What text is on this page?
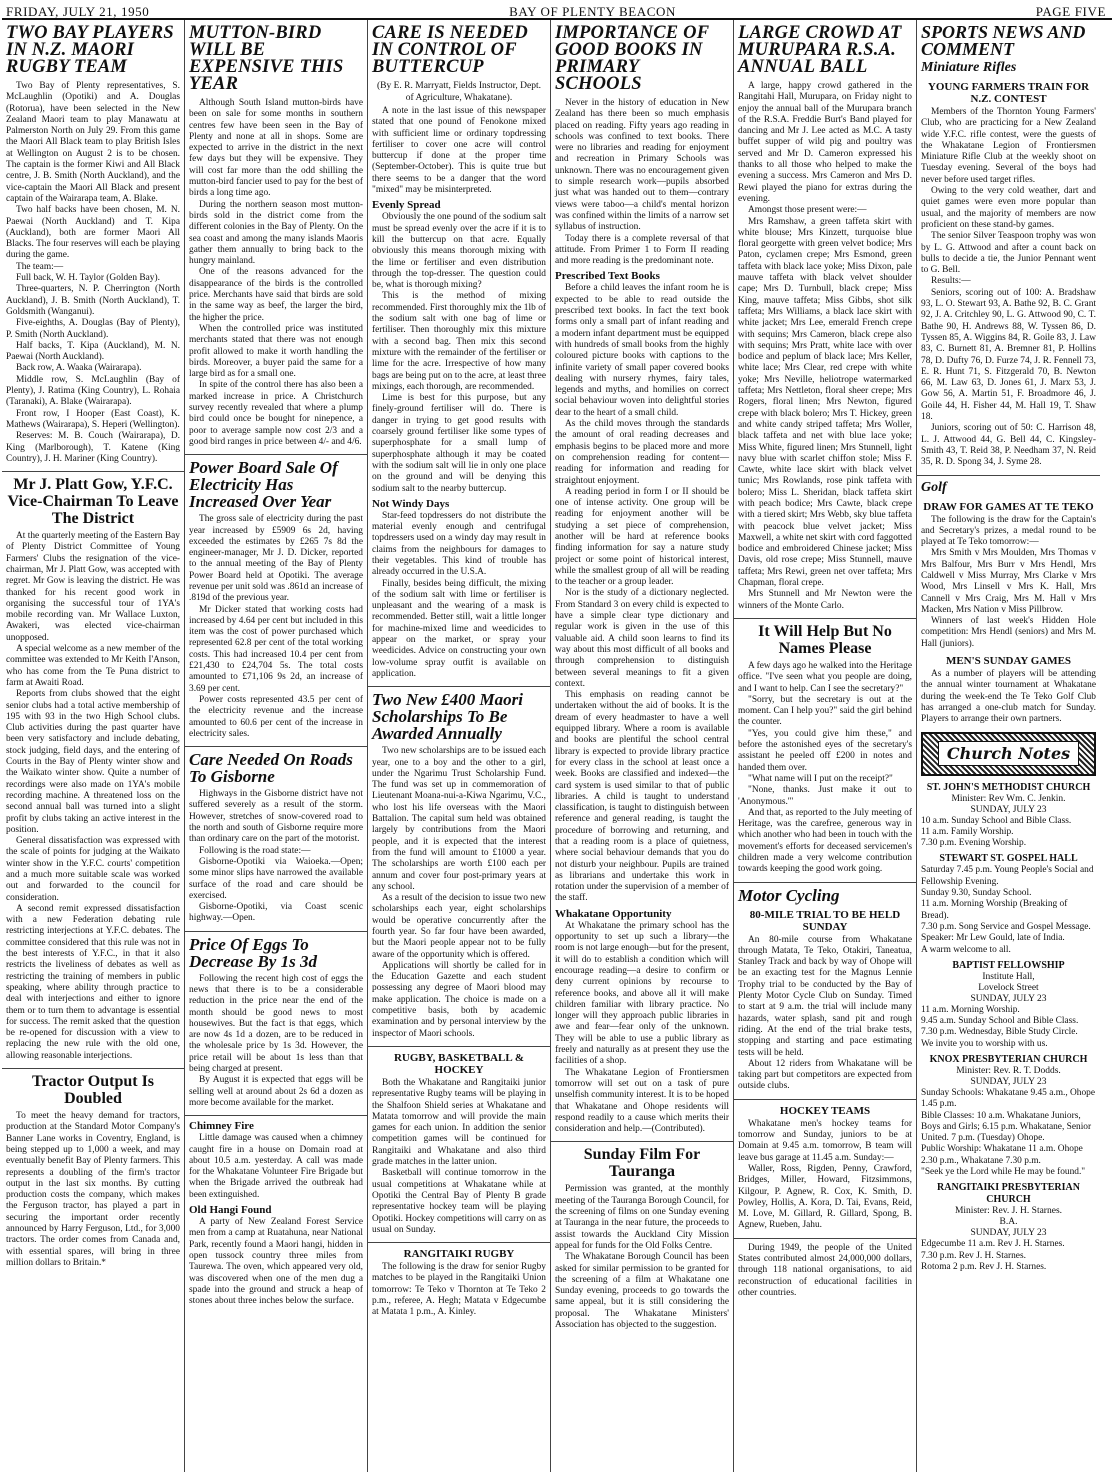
FRIDAY, JULY 21, 1950	BAY OF PLENTY BEACON	PAGE FIVE
TWO BAY PLAYERS IN N.Z. MAORI RUGBY TEAM

Two Bay of Plenty representatives, S. McLaughlin (Opotiki) and A. Douglas (Rotorua), have been selected in the New Zealand Maori team to play Manawatu at Palmerston North on July 29. From this game the Maori All Black team to play British Isles at Wellington on August 2 is to be chosen. The captain is the former Kiwi and All Black centre, J. B. Smith (North Auckland), and the vice-captain the Maori All Black and present captain of the Wairarapa team, A. Blake.

Two half backs have been chosen, M. N. Paewai (North Auckland) and T. Kipa (Auckland), both are former Maori All Blacks. The four reserves will each be playing during the game.

The team:—

Full back, W. H. Taylor (Golden Bay).

Three-quarters, N. P. Cherrington (North Auckland), J. B. Smith (North Auckland), T. Goldsmith (Wanganui).

Five-eighths, A. Douglas (Bay of Plenty), P. Smith (North Auckland).

Half backs, T. Kipa (Auckland), M. N. Paewai (North Auckland).

Back row, A. Waaka (Wairarapa).

Middle row, S. McLaughlin (Bay of Plenty), J. Ratima (King Country), L. Rohaia (Taranaki), A. Blake (Wairarapa).

Front row, I Hooper (East Coast), K. Mathews (Wairarapa), S. Heperi (Wellington).

Reserves: M. B. Couch (Wairarapa), D. King (Marlborough), T. Katene (King Country), J. H. Mariner (King Country).

Mr J. Platt Gow, Y.F.C. Vice-Chairman To Leave The District

At the quarterly meeting of the Eastern Bay of Plenty District Committee of Young Farmers' Clubs the resignation of the vice-chairman, Mr J. Platt Gow, was accepted with regret. Mr Gow is leaving the district. He was thanked for his recent good work in organising the successful tour of 1YA's mobile recording van. Mr Wallace Luxton, Awakeri, was elected vice-chairman unopposed.

A special welcome as a new member of the committee was extended to Mr Keith I'Anson, who has come from the Te Puna district to farm at Awaiti Road.

Reports from clubs showed that the eight senior clubs had a total active membership of 195 with 93 in the two High School clubs. Club activities during the past quarter have been very satisfactory and include debating, stock judging, field days, and the entering of Courts in the Bay of Plenty winter show and the Waikato winter show. Quite a number of recordings were also made on 1YA's mobile recording machine. A threatened loss on the second annual ball was turned into a slight profit by clubs taking an active interest in the position.

General dissatisfaction was expressed with the scale of points for judging at the Waikato winter show in the Y.F.C. courts' competition and a much more suitable scale was worked out and forwarded to the council for consideration.

A second remit expressed dissatisfaction with a new Federation debating rule restricting interjections at Y.F.C. debates. The committee considered that this rule was not in the best interests of Y.F.C., in that it also restricts the liveliness of debates as well as restricting the training of members in public speaking, where ability through practice to deal with interjections and either to ignore them or to turn them to advantage is essential for success. The remit asked that the question be re-opened for discussion with a view to replacing the new rule with the old one, allowing reasonable interjections.

Tractor Output Is Doubled

To meet the heavy demand for tractors, production at the Standard Motor Company's Banner Lane works in Coventry, England, is being stepped up to 1,000 a week, and may eventually benefit Bay of Plenty farmers. This represents a doubling of the firm's tractor output in the last six months. By cutting production costs the company, which makes the Ferguson tractor, has played a part in securing the important order recently announced by Harry Ferguson, Ltd., for 3,000 tractors. The order comes from Canada and, with essential spares, will bring in three million dollars to Britain.*

MUTTON-BIRD WILL BE EXPENSIVE THIS YEAR

Although South Island mutton-birds have been on sale for some months in southern centres few have been seen in the Bay of Plenty and none at all in shops. Some are expected to arrive in the district in the next few days but they will be expensive. They will cost far more than the odd shilling the mutton-bird fancier used to pay for the best of birds a long time ago.

During the northern season most mutton-birds sold in the district come from the different colonies in the Bay of Plenty. On the sea coast and among the many islands Maoris gather them annually to bring back to the hungry mainland.

One of the reasons advanced for the disappearance of the birds is the controlled price. Merchants have said that birds are sold in the same way as beef, the larger the bird, the higher the price.

When the controlled price was instituted merchants stated that there was not enough profit allowed to make it worth handling the birds. Moreover, a buyer paid the same for a large bird as for a small one.

In spite of the control there has also been a marked increase in price. A Christchurch survey recently revealed that where a plump bird could once be bought for ninepence, a poor to average sample now cost 2/3 and a good bird ranges in price between 4/- and 4/6.

Power Board Sale Of Electricity Has Increased Over Year

The gross sale of electricity during the past year increased by £5909 6s 2d, having exceeded the estimates by £265 7s 8d the engineer-manager, Mr J. D. Dicker, reported to the annual meeting of the Bay of Plenty Power Board held at Opotiki. The average revenue per unit sold was .861d an increase of .819d of the previous year.

Mr Dicker stated that working costs had increased by 4.64 per cent but included in this item was the cost of power purchased which represented 62.8 per cent of the total working costs. This had increased 10.4 per cent from £21,430 to £24,704 5s. The total costs amounted to £71,106 9s 2d, an increase of 3.69 per cent.

Power costs represented 43.5 per cent of the electricity revenue and the increase amounted to 60.6 per cent of the increase in electricity sales.

Care Needed On Roads To Gisborne

Highways in the Gisborne district have not suffered severely as a result of the storm. However, stretches of snow-covered road to the north and south of Gisborne require more than ordinary care on the part of the motorist.

Following is the road state:—

Gisborne-Opotiki via Waioeka.—Open; some minor slips have narrowed the available surface of the road and care should be exercised.

Gisborne-Opotiki, via Coast scenic highway.—Open.

Price Of Eggs To Decrease By 1s 3d

Following the recent high cost of eggs the news that there is to be a considerable reduction in the price near the end of the month should be good news to most housewives. But the fact is that eggs, which are now 4s 1d a dozen, are to be reduced in the wholesale price by 1s 3d. However, the price retail will be about 1s less than that being charged at present.

By August it is expected that eggs will be selling well at around about 2s 6d a dozen as more become available for the market.

Chimney Fire

Little damage was caused when a chimney caught fire in a house on Domain road at about 10.5 a.m. yesterday. A call was made for the Whakatane Volunteer Fire Brigade but when the Brigade arrived the outbreak had been extinguished.

Old Hangi Found

A party of New Zealand Forest Service men from a camp at Ruatahuna, near National Park, recently found a Maori hangi, hidden in open tussock country three miles from Taurewa. The oven, which appeared very old, was discovered when one of the men dug a spade into the ground and struck a heap of stones about three inches below the surface.

CARE IS NEEDED IN CONTROL OF BUTTERCUP
(By E. R. Marryatt, Fields Instructor, Dept. of Agriculture, Whakatane).

A note in the last issue of this newspaper stated that one pound of Fenokone mixed with sufficient lime or ordinary topdressing fertiliser to cover one acre will control buttercup if done at the proper time (September-October). This is quite true but there seems to be a danger that the word "mixed" may be misinterpreted.

Evenly Spread

Obviously the one pound of the sodium salt must be spread evenly over the acre if it is to kill the buttercup on that acre. Equally obviously this means thorough mixing with the lime or fertiliser and even distribution through the top-dresser. The question could be, what is thorough mixing?

This is the method of mixing recommended. First thoroughly mix the 1lb of the sodium salt with one bag of lime or fertiliser. Then thoroughly mix this mixture with a second bag. Then mix this second mixture with the remainder of the fertiliser or lime for the acre. Irrespective of how many bags are being put on to the acre, at least three mixings, each thorough, are recommended.

Lime is best for this purpose, but any finely-ground fertiliser will do. There is danger in trying to get good results with coarsely ground fertiliser like some types of superphosphate for a small lump of superphosphate although it may be coated with the sodium salt will lie in only one place on the ground and will be denying this sodium salt to the nearby buttercup.

Not Windy Days

Star-feed topdressers do not distribute the material evenly enough and centrifugal topdressers used on a windy day may result in claims from the neighbours for damages to their vegetables. This kind of trouble has already occurred in the U.S.A.

Finally, besides being difficult, the mixing of the sodium salt with lime or fertiliser is unpleasant and the wearing of a mask is recommended. Better still, wait a little longer for machine-mixed lime and weedicides to appear on the market, or spray your weedicides. Advice on constructing your own low-volume spray outfit is available on application.

Two New £400 Maori Scholarships To Be Awarded Annually

Two new scholarships are to be issued each year, one to a boy and the other to a girl, under the Ngarimu Trust Scholarship Fund. The fund was set up in commemoration of Lieutenant Moana-nui-a-Kiwa Ngarimu, V.C., who lost his life overseas with the Maori Battalion. The capital sum held was obtained largely by contributions from the Maori people, and it is expected that the interest from the fund will amount to £1000 a year. The scholarships are worth £100 each per annum and cover four post-primary years at any school.

As a result of the decision to issue two new scholarships each year, eight scholarships would be operative concurrently after the fourth year. So far four have been awarded, but the Maori people appear not to be fully aware of the opportunity which is offered.

Applications will shortly be called for in the Education Gazette and each student possessing any degree of Maori blood may make application. The choice is made on a competitive basis, both by academic examination and by personal interview by the inspector of Maori schools.

RUGBY, BASKETBALL & HOCKEY

Both the Whakatane and Rangitaiki junior representative Rugby teams will be playing in the Shalfoon Shield series at Whakatane and Matata tomorrow and will provide the main games for each union. In addition the senior competition games will be continued for Rangitaiki and Whakatane and also third grade matches in the latter union.

Basketball will continue tomorrow in the usual competitions at Whakatane while at Opotiki the Central Bay of Plenty B grade representative hockey team will be playing Opotiki. Hockey competitions will carry on as usual on Sunday.

RANGITAIKI RUGBY

The following is the draw for senior Rugby matches to be played in the Rangitaiki Union tomorrow: Te Teko v Thornton at Te Teko 2 p.m., referee, A. Hegh; Matata v Edgecumbe at Matata 1 p.m., A. Kinley.

IMPORTANCE OF GOOD BOOKS IN PRIMARY SCHOOLS

Never in the history of education in New Zealand has there been so much emphasis placed on reading. Fifty years ago reading in schools was confined to text books. There were no libraries and reading for enjoyment and recreation in Primary Schools was unknown. There was no encouragement given to simple research work—pupils absorbed just what was handed out to them—contrary views were taboo—a child's mental horizon was confined within the limits of a narrow set syllabus of instruction.

Today there is a complete reversal of that attitude. From Primer 1 to Form II reading and more reading is the predominant note.

Prescribed Text Books

Before a child leaves the infant room he is expected to be able to read outside the prescribed text books. In fact the text book forms only a small part of infant reading and a modern infant department must be equipped with hundreds of small books from the highly coloured picture books with captions to the infinite variety of small paper covered books dealing with nursery rhymes, fairy tales, legends and myths, and homilies on correct social behaviour woven into delightful stories dear to the heart of a small child.

As the child moves through the standards the amount of oral reading decreases and emphasis begins to be placed more and more on comprehension reading for content—reading for information and reading for straightout enjoyment.

A reading period in form I or II should be one of intense activity. One group will be reading for enjoyment another will be studying a set piece of comprehension, another will be hard at reference books finding information for say a nature study project or some point of historical interest, while the smallest group of all will be reading to the teacher or a group leader.

Nor is the study of a dictionary neglected. From Standard 3 on every child is expected to have a simple clear type dictionary and regular work is given in the use of this valuable aid. A child soon learns to find its way about this most difficult of all books and through comprehension to distinguish between several meanings to fit a given context.

This emphasis on reading cannot be undertaken without the aid of books. It is the dream of every headmaster to have a well equipped library. Where a room is available and books are plentiful the school central library is expected to provide library practice for every class in the school at least once a week. Books are classified and indexed—the card system is used similar to that of public libraries. A child is taught to understand classification, is taught to distinguish between reference and general reading, is taught the procedure of borrowing and returning, and that a reading room is a place of quietness, where social behaviour demands that you do not disturb your neighbour. Pupils are trained as librarians and undertake this work in rotation under the supervision of a member of the staff.

Whakatane Opportunity

At Whakatane the primary school has the opportunity to set up such a library—the room is not large enough—but for the present, it will do to establish a condition which will encourage reading—a desire to confirm or deny current opinions by recourse to reference books, and above all it will make children familiar with library practice. No longer will they approach public libraries in awe and fear—fear only of the unknown. They will be able to use a public library as freely and naturally as at present they use the facilities of a shop.

The Whakatane Legion of Frontiersmen tomorrow will set out on a task of pure unselfish community interest. It is to be hoped that Whakatane and Ohope residents will respond readily to a cause which merits their consideration and help.—(Contributed).

Sunday Film For Tauranga

Permission was granted, at the monthly meeting of the Tauranga Borough Council, for the screening of films on one Sunday evening at Tauranga in the near future, the proceeds to assist towards the Auckland City Mission appeal for funds for the Old Folks Centre.

The Whakatane Borough Council has been asked for similar permission to be granted for the screening of a film at Whakatane one Sunday evening, proceeds to go towards the same appeal, but it is still considering the proposal. The Whakatane Ministers' Association has objected to the suggestion.

LARGE CROWD AT MURUPARA R.S.A. ANNUAL BALL

A large, happy crowd gathered in the Rangitahi Hall, Murupara, on Friday night to enjoy the annual ball of the Murupara branch of the R.S.A. Freddie Burt's Band played for dancing and Mr J. Lee acted as M.C. A tasty buffet supper of wild pig and poultry was served and Mr D. Cameron expressed his thanks to all those who helped to make the evening a success. Mrs Cameron and Mrs D. Rewi played the piano for extras during the evening.

Amongst those present were:—

Mrs Ramshaw, a green taffeta skirt with white blouse; Mrs Kinzett, turquoise blue floral georgette with green velvet bodice; Mrs Paton, cyclamen crepe; Mrs Esmond, green taffeta with black lace yoke; Miss Dixon, pale mauve taffeta with black velvet shoulder cape; Mrs D. Turnbull, black crepe; Miss King, mauve taffeta; Miss Gibbs, shot silk taffeta; Mrs Williams, a black lace skirt with white jacket; Mrs Lee, emerald French crepe with sequins; Mrs Cameron, black crepe also with sequins; Mrs Pratt, white lace with over bodice and peplum of black lace; Mrs Keller, white lace; Mrs Clear, red crepe with white yoke; Mrs Neville, heliotrope watermarked taffeta; Mrs Nettleton, floral sheer crepe; Mrs Rogers, floral linen; Mrs Newton, figured crepe with black bolero; Mrs T. Hickey, green and white candy striped taffeta; Mrs Woller, black taffeta and net with blue lace yoke; Miss White, figured linen; Mrs Stunnell, light navy blue with scarlet chiffon stole; Miss F. Cawte, white lace skirt with black velvet tunic; Mrs Rowlands, rose pink taffeta with bolero; Miss L. Sheridan, black taffeta skirt with peach bodice; Mrs Cawte, black crepe with a tiered skirt; Mrs Webb, sky blue taffeta with peacock blue velvet jacket; Miss Maxwell, a white net skirt with cord faggotted bodice and embroidered Chinese jacket; Miss Davis, old rose crepe; Miss Stunnell, mauve taffeta; Mrs Rewi, green net over taffeta; Mrs Chapman, floral crepe.

Mrs Stunnell and Mr Newton were the winners of the Monte Carlo.

It Will Help But No Names Please

A few days ago he walked into the Heritage office. "I've seen what you people are doing, and I want to help. Can I see the secretary?"

"Sorry, but the secretary is out at the moment. Can I help you?" said the girl behind the counter.

"Yes, you could give him these," and before the astonished eyes of the secretary's assistant he peeled off £200 in notes and handed them over.

"What name will I put on the receipt?"

"None, thanks. Just make it out to 'Anonymous.'"

And that, as reported to the July meeting of Heritage, was the carefree, generous way in which another who had been in touch with the movement's efforts for deceased servicemen's children made a very welcome contribution towards keeping the good work going.

Motor Cycling
80-MILE TRIAL TO BE HELD SUNDAY

An 80-mile course from Whakatane through Matata, Te Teko, Otakiri, Taneatua, Stanley Track and back by way of Ohope will be an exacting test for the Magnus Lennie Trophy trial to be conducted by the Bay of Plenty Motor Cycle Club on Sunday. Timed to start at 9 a.m. the trial will include many hazards, water splash, sand pit and rough riding. At the end of the trial brake tests, stopping and starting and pace estimating tests will be held.

About 12 riders from Whakatane will be taking part but competitors are expected from outside clubs.

HOCKEY TEAMS

Whakatane men's hockey teams for tomorrow and Sunday, juniors to be at Domain at 9.45 a.m. tomorrow, B team will leave bus garage at 11.45 a.m. Sunday:—

Waller, Ross, Rigden, Penny, Crawford, Bridges, Miller, Howard, Fitzsimmons, Kilgour, P. Agnew, R. Cox, K. Smith, D. Powley, Hollis, A. Kora, D. Tai, Evans, Reid, M. Love, M. Gillard, R. Gillard, Spong, B. Agnew, Rueben, Jahu.

During 1949, the people of the United States contributed almost 24,000,000 dollars, through 118 national organisations, to aid reconstruction of educational facilities in other countries.

SPORTS NEWS AND COMMENT
Miniature Rifles
YOUNG FARMERS TRAIN FOR N.Z. CONTEST

Members of the Thornton Young Farmers' Club, who are practicing for a New Zealand wide Y.F.C. rifle contest, were the guests of the Whakatane Legion of Frontiersmen Miniature Rifle Club at the weekly shoot on Tuesday evening. Several of the boys had never before used target rifles.

Owing to the very cold weather, dart and quiet games were even more popular than usual, and the majority of members are now proficient on these stand-by games.

The senior Silver Teaspoon trophy was won by L. G. Attwood and after a count back on bulls to decide a tie, the Junior Pennant went to G. Bell.

Results:—

Seniors, scoring out of 100: A. Bradshaw 93, L. O. Stewart 93, A. Bathe 92, B. C. Grant 92, J. A. Critchley 90, L. G. Attwood 90, C. T. Bathe 90, H. Andrews 88, W. Tyssen 86, D. Tyssen 85, A. Wiggins 84, R. Goile 83, J. Law 83, C. Burnett 81, A. Bremner 81, P. Hollins 78, D. Dufty 76, D. Furze 74, J. R. Fennell 73, E. R. Hunt 71, S. Fitzgerald 70, B. Newton 66, M. Law 63, D. Jones 61, J. Marx 53, J. Gow 56, A. Martin 51, F. Broadmore 46, J. Goile 44, H. Fisher 44, M. Hall 19, T. Shaw 18.

Juniors, scoring out of 50: C. Harrison 48, L. J. Attwood 44, G. Bell 44, C. Kingsley-Smith 43, T. Reid 38, P. Needham 37, N. Reid 35, R. D. Spong 34, J. Syme 28.

Golf
DRAW FOR GAMES AT TE TEKO

The following is the draw for the Captain's and Secretary's prizes, a medal round to be played at Te Teko tomorrow:—

Mrs Smith v Mrs Moulden, Mrs Thomas v Mrs Balfour, Mrs Burr v Mrs Hendl, Mrs Caldwell v Miss Murray, Mrs Clarke v Mrs Wood, Mrs Linsell v Mrs K. Hall, Mrs Cannell v Mrs Craig, Mrs M. Hall v Mrs Macken, Mrs Nation v Miss Pillbrow.

Winners of last week's Hidden Hole competition: Mrs Hendl (seniors) and Mrs M. Hall (juniors).

MEN'S SUNDAY GAMES

As a number of players will be attending the annual winter tournament at Whakatane during the week-end the Te Teko Golf Club has arranged a one-club match for Sunday. Players to arrange their own partners.

Church Notes
ST. JOHN'S METHODIST CHURCH
Minister: Rev Wm. C. Jenkin.
SUNDAY, JULY 23
10 a.m. Sunday School and Bible Class.
11 a.m. Family Worship.
7.30 p.m. Evening Worship.
STEWART ST. GOSPEL HALL
Saturday 7.45 p.m. Young People's Social and Fellowship Evening.
Sunday 9.30, Sunday School.
11 a.m. Morning Worship (Breaking of Bread).
7.30 p.m. Song Service and Gospel Message. Speaker: Mr Lew Gould, late of India.
A warm welcome to all.
BAPTIST FELLOWSHIP
Institute Hall,
Lovelock Street
SUNDAY, JULY 23
11 a.m. Morning Worship.
9.45 a.m. Sunday School and Bible Class.
7.30 p.m. Wednesday, Bible Study Circle.
We invite you to worship with us.
KNOX PRESBYTERIAN CHURCH
Minister: Rev. R. T. Dodds.
SUNDAY, JULY 23
Sunday Schools: Whakatane 9.45 a.m., Ohope 1.45 p.m.
Bible Classes: 10 a.m. Whakatane Juniors, Boys and Girls; 6.15 p.m. Whakatane, Senior United. 7 p.m. (Tuesday) Ohope.
Public Worship: Whakatane 11 a.m. Ohope 2.30 p.m., Whakatane 7.30 p.m.
"Seek ye the Lord while He may be found."
RANGITAIKI PRESBYTERIAN CHURCH
Minister: Rev. J. H. Starnes.
B.A.
SUNDAY, JULY 23
Edgecumbe 11 a.m. Rev J. H. Starnes.
7.30 p.m. Rev J. H. Starnes.
Rotoma 2 p.m. Rev J. H. Starnes.
